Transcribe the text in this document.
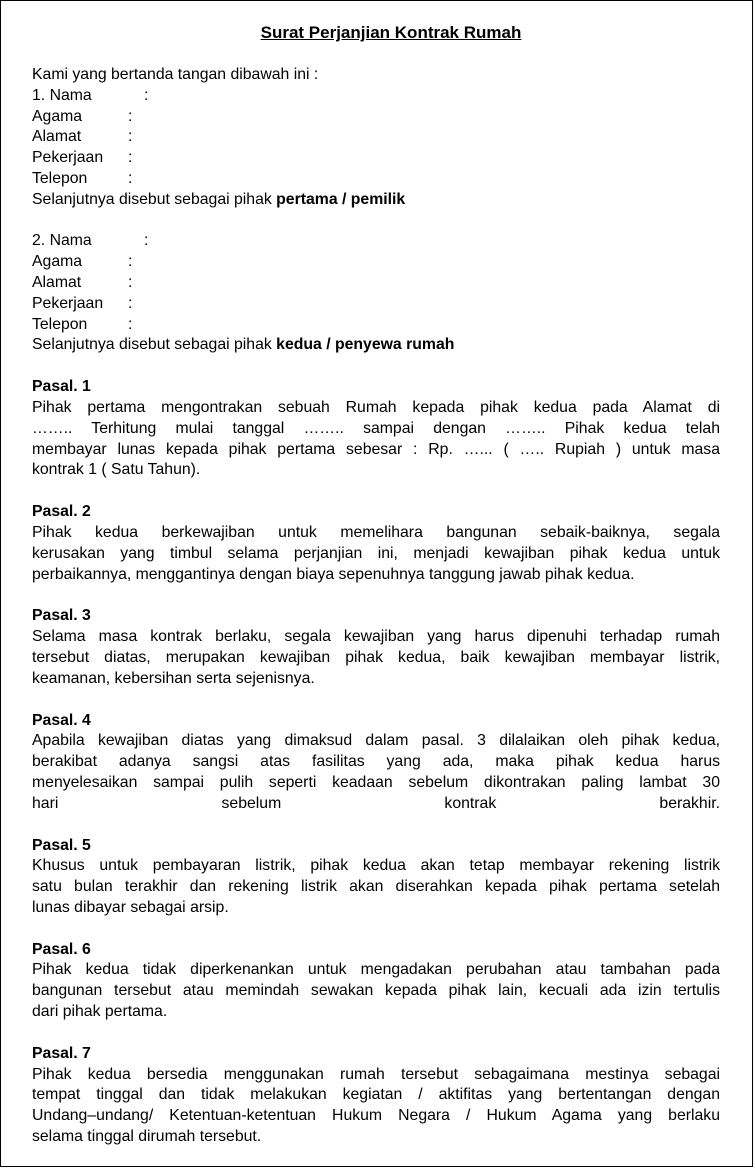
Surat Perjanjian Kontrak Rumah
Kami yang bertanda tangan dibawah ini :
1. Nama	:
Agama	:
Alamat	:
Pekerjaan	:
Telepon	:
Selanjutnya disebut sebagai pihak pertama / pemilik
2. Nama	:
Agama	:
Alamat	:
Pekerjaan	:
Telepon	:
Selanjutnya disebut sebagai pihak kedua / penyewa rumah
Pasal. 1
Pihak pertama mengontrakan sebuah Rumah kepada pihak kedua pada Alamat di
…….. Terhitung mulai tanggal …….. sampai dengan …….. Pihak kedua telah
membayar lunas kepada pihak pertama sebesar : Rp. …... ( ….. Rupiah ) untuk masa
kontrak 1 ( Satu Tahun).
Pasal. 2
Pihak kedua berkewajiban untuk memelihara bangunan sebaik-baiknya, segala
kerusakan yang timbul selama perjanjian ini, menjadi kewajiban pihak kedua untuk
perbaikannya, menggantinya dengan biaya sepenuhnya tanggung jawab pihak kedua.
Pasal. 3
Selama masa kontrak berlaku, segala kewajiban yang harus dipenuhi terhadap rumah
tersebut diatas, merupakan kewajiban pihak kedua, baik kewajiban membayar listrik,
keamanan, kebersihan serta sejenisnya.
Pasal. 4
Apabila kewajiban diatas yang dimaksud dalam pasal. 3 dilalaikan oleh pihak kedua,
berakibat adanya sangsi atas fasilitas yang ada, maka pihak kedua harus
menyelesaikan sampai pulih seperti keadaan sebelum dikontrakan paling lambat 30
hari sebelum kontrak berakhir.
Pasal. 5
Khusus untuk pembayaran listrik, pihak kedua akan tetap membayar rekening listrik
satu bulan terakhir dan rekening listrik akan diserahkan kepada pihak pertama setelah
lunas dibayar sebagai arsip.
Pasal. 6
Pihak kedua tidak diperkenankan untuk mengadakan perubahan atau tambahan pada
bangunan tersebut atau memindah sewakan kepada pihak lain, kecuali ada izin tertulis
dari pihak pertama.
Pasal. 7
Pihak kedua bersedia menggunakan rumah tersebut sebagaimana mestinya sebagai
tempat tinggal dan tidak melakukan kegiatan / aktifitas yang bertentangan dengan
Undang–undang/ Ketentuan-ketentuan Hukum Negara / Hukum Agama yang berlaku
selama tinggal dirumah tersebut.
